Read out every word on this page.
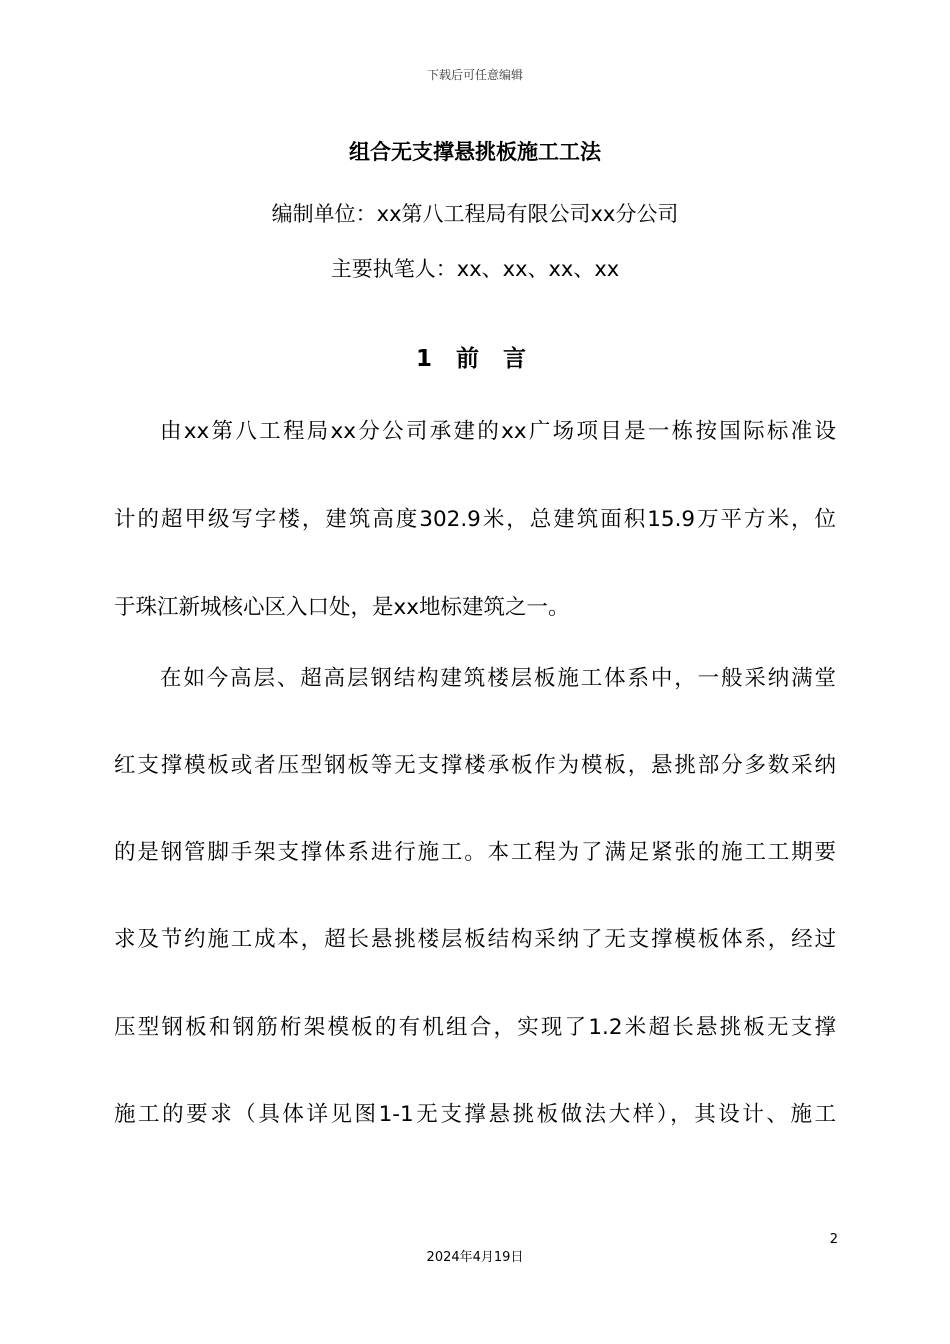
下载后可任意编辑
组合无支撑悬挑板施工工法
编制单位：xx第八工程局有限公司xx分公司
主要执笔人：xx、xx、xx、xx
1 前 言
由xx第八工程局xx分公司承建的xx广场项目是一栋按国际标准设
计的超甲级写字楼，建筑高度302.9米，总建筑面积15.9万平方米，位
于珠江新城核心区入口处，是xx地标建筑之一。
在如今高层、超高层钢结构建筑楼层板施工体系中，一般采纳满堂
红支撑模板或者压型钢板等无支撑楼承板作为模板，悬挑部分多数采纳
的是钢管脚手架支撑体系进行施工。本工程为了满足紧张的施工工期要
求及节约施工成本，超长悬挑楼层板结构采纳了无支撑模板体系，经过
压型钢板和钢筋桁架模板的有机组合，实现了1.2米超长悬挑板无支撑
施工的要求（具体详见图1-1无支撑悬挑板做法大样），其设计、施工
2
2024年4月19日
